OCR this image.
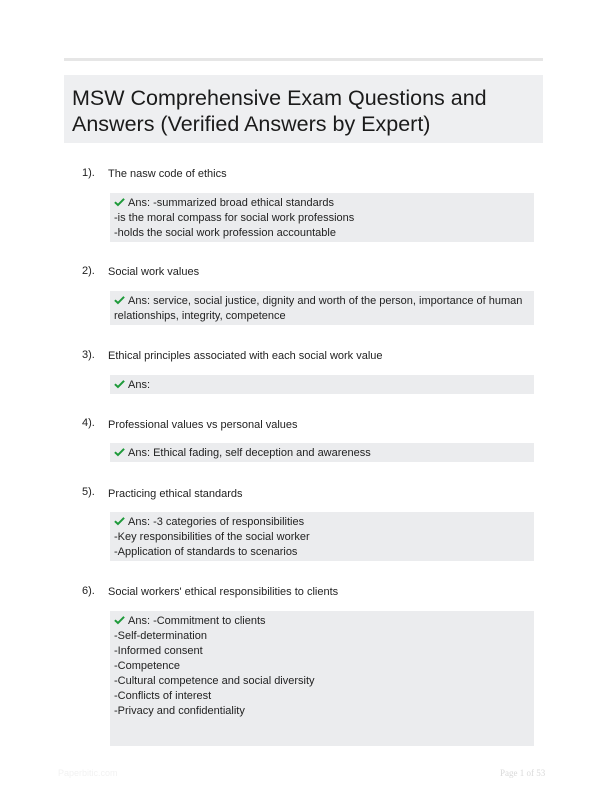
MSW Comprehensive Exam Questions and Answers (Verified Answers by Expert)
1). The nasw code of ethics
Ans: -summarized broad ethical standards
-is the moral compass for social work professions
-holds the social work profession accountable
2). Social work values
Ans: service, social justice, dignity and worth of the person, importance of human
relationships, integrity, competence
3). Ethical principles associated with each social work value
Ans:
4). Professional values vs personal values
Ans: Ethical fading, self deception and awareness
5). Practicing ethical standards
Ans: -3 categories of responsibilities
-Key responsibilities of the social worker
-Application of standards to scenarios
6). Social workers' ethical responsibilities to clients
Ans: -Commitment to clients
-Self-determination
-Informed consent
-Competence
-Cultural competence and social diversity
-Conflicts of interest
-Privacy and confidentiality
Paperbitic.com	Page 1 of 53
